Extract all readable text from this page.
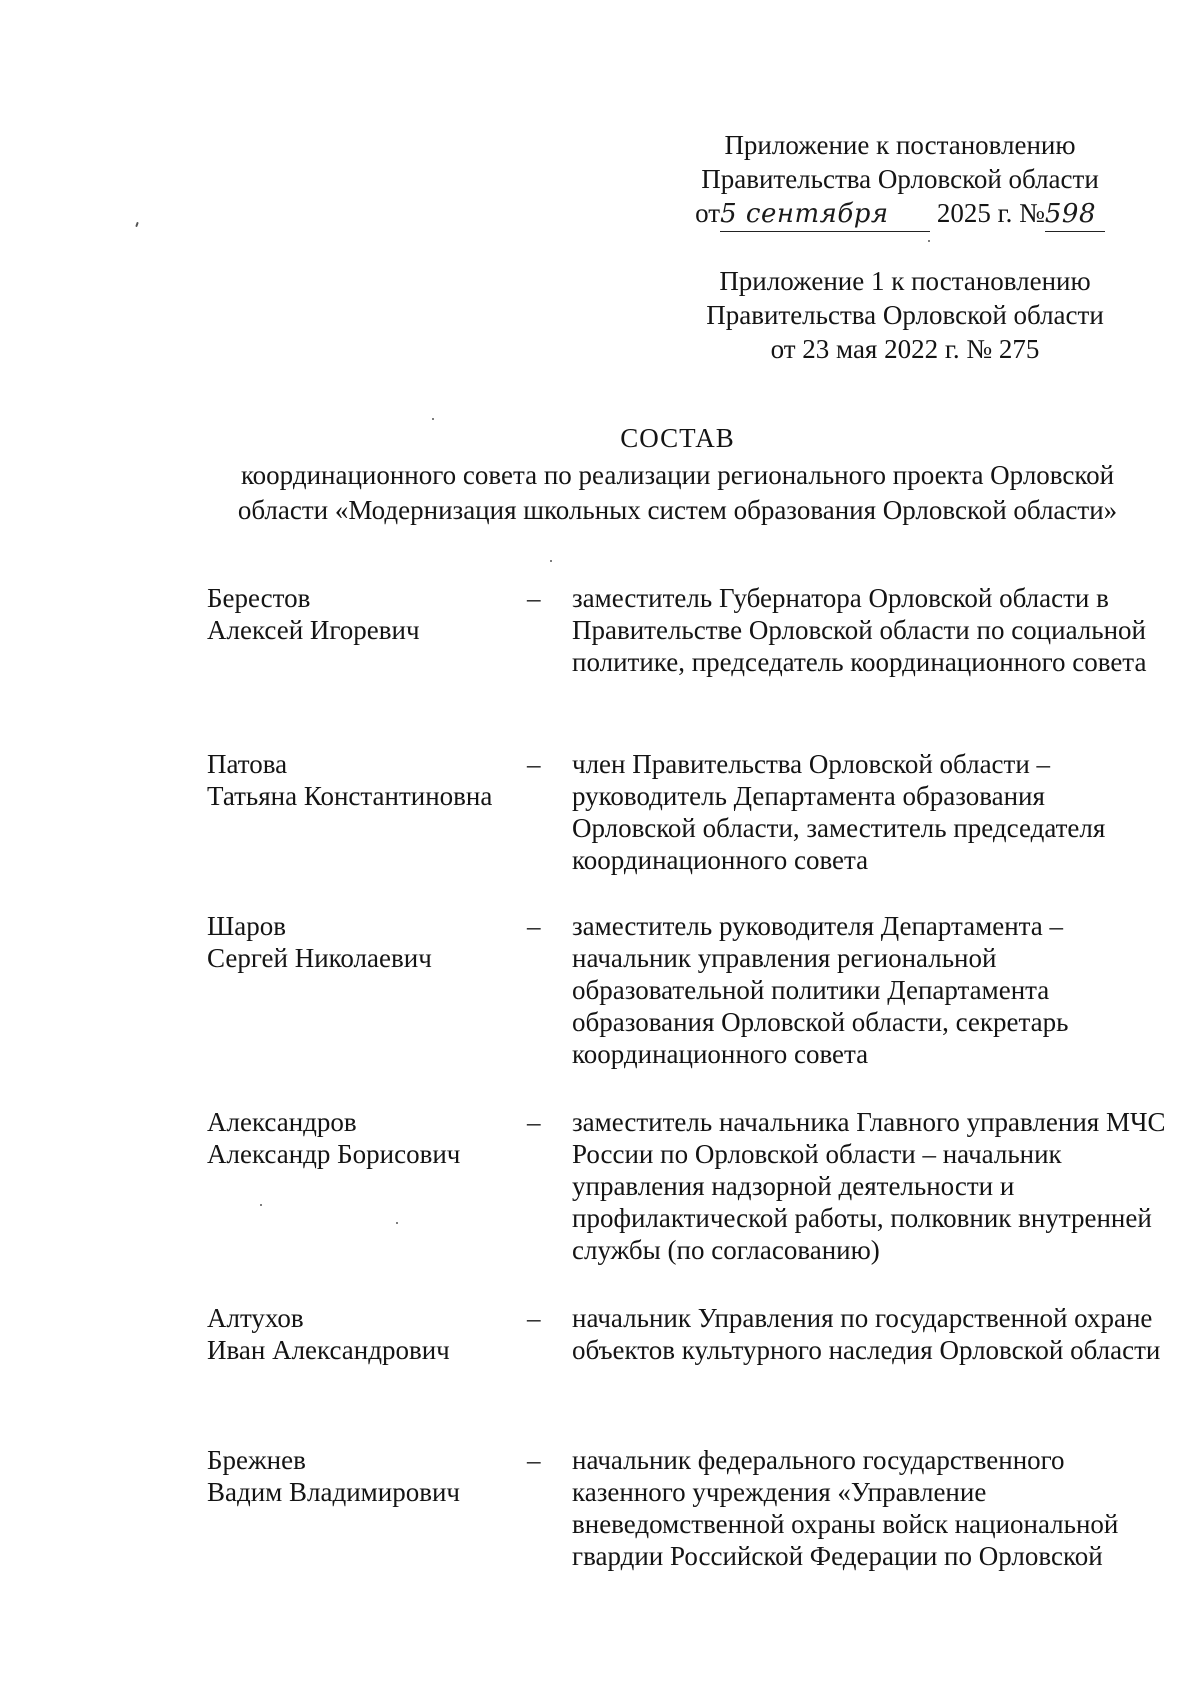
Приложение к постановлению
Правительства Орловской области
от5 сентября 2025 г. №598
Приложение 1 к постановлению
Правительства Орловской области
от 23 мая 2022 г. № 275
СОСТАВ
координационного совета по реализации регионального проекта Орловской области «Модернизация школьных систем образования Орловской области»
Берестов
Алексей Игоревич
–	заместитель Губернатора Орловской области в Правительстве Орловской области по социальной политике, председатель координационного совета
Патова
Татьяна Константиновна
–	член Правительства Орловской области – руководитель Департамента образования Орловской области, заместитель председателя координационного совета
Шаров
Сергей Николаевич
–	заместитель руководителя Департамента – начальник управления региональной образовательной политики Департамента образования Орловской области, секретарь координационного совета
Александров
Александр Борисович
–	заместитель начальника Главного управления МЧС России по Орловской области – начальник управления надзорной деятельности и профилактической работы, полковник внутренней службы (по согласованию)
Алтухов
Иван Александрович
–	начальник Управления по государственной охране объектов культурного наследия Орловской области
Брежнев
Вадим Владимирович
–	начальник федерального государственного казенного учреждения «Управление вневедомственной охраны войск национальной гвардии Российской Федерации по Орловской
